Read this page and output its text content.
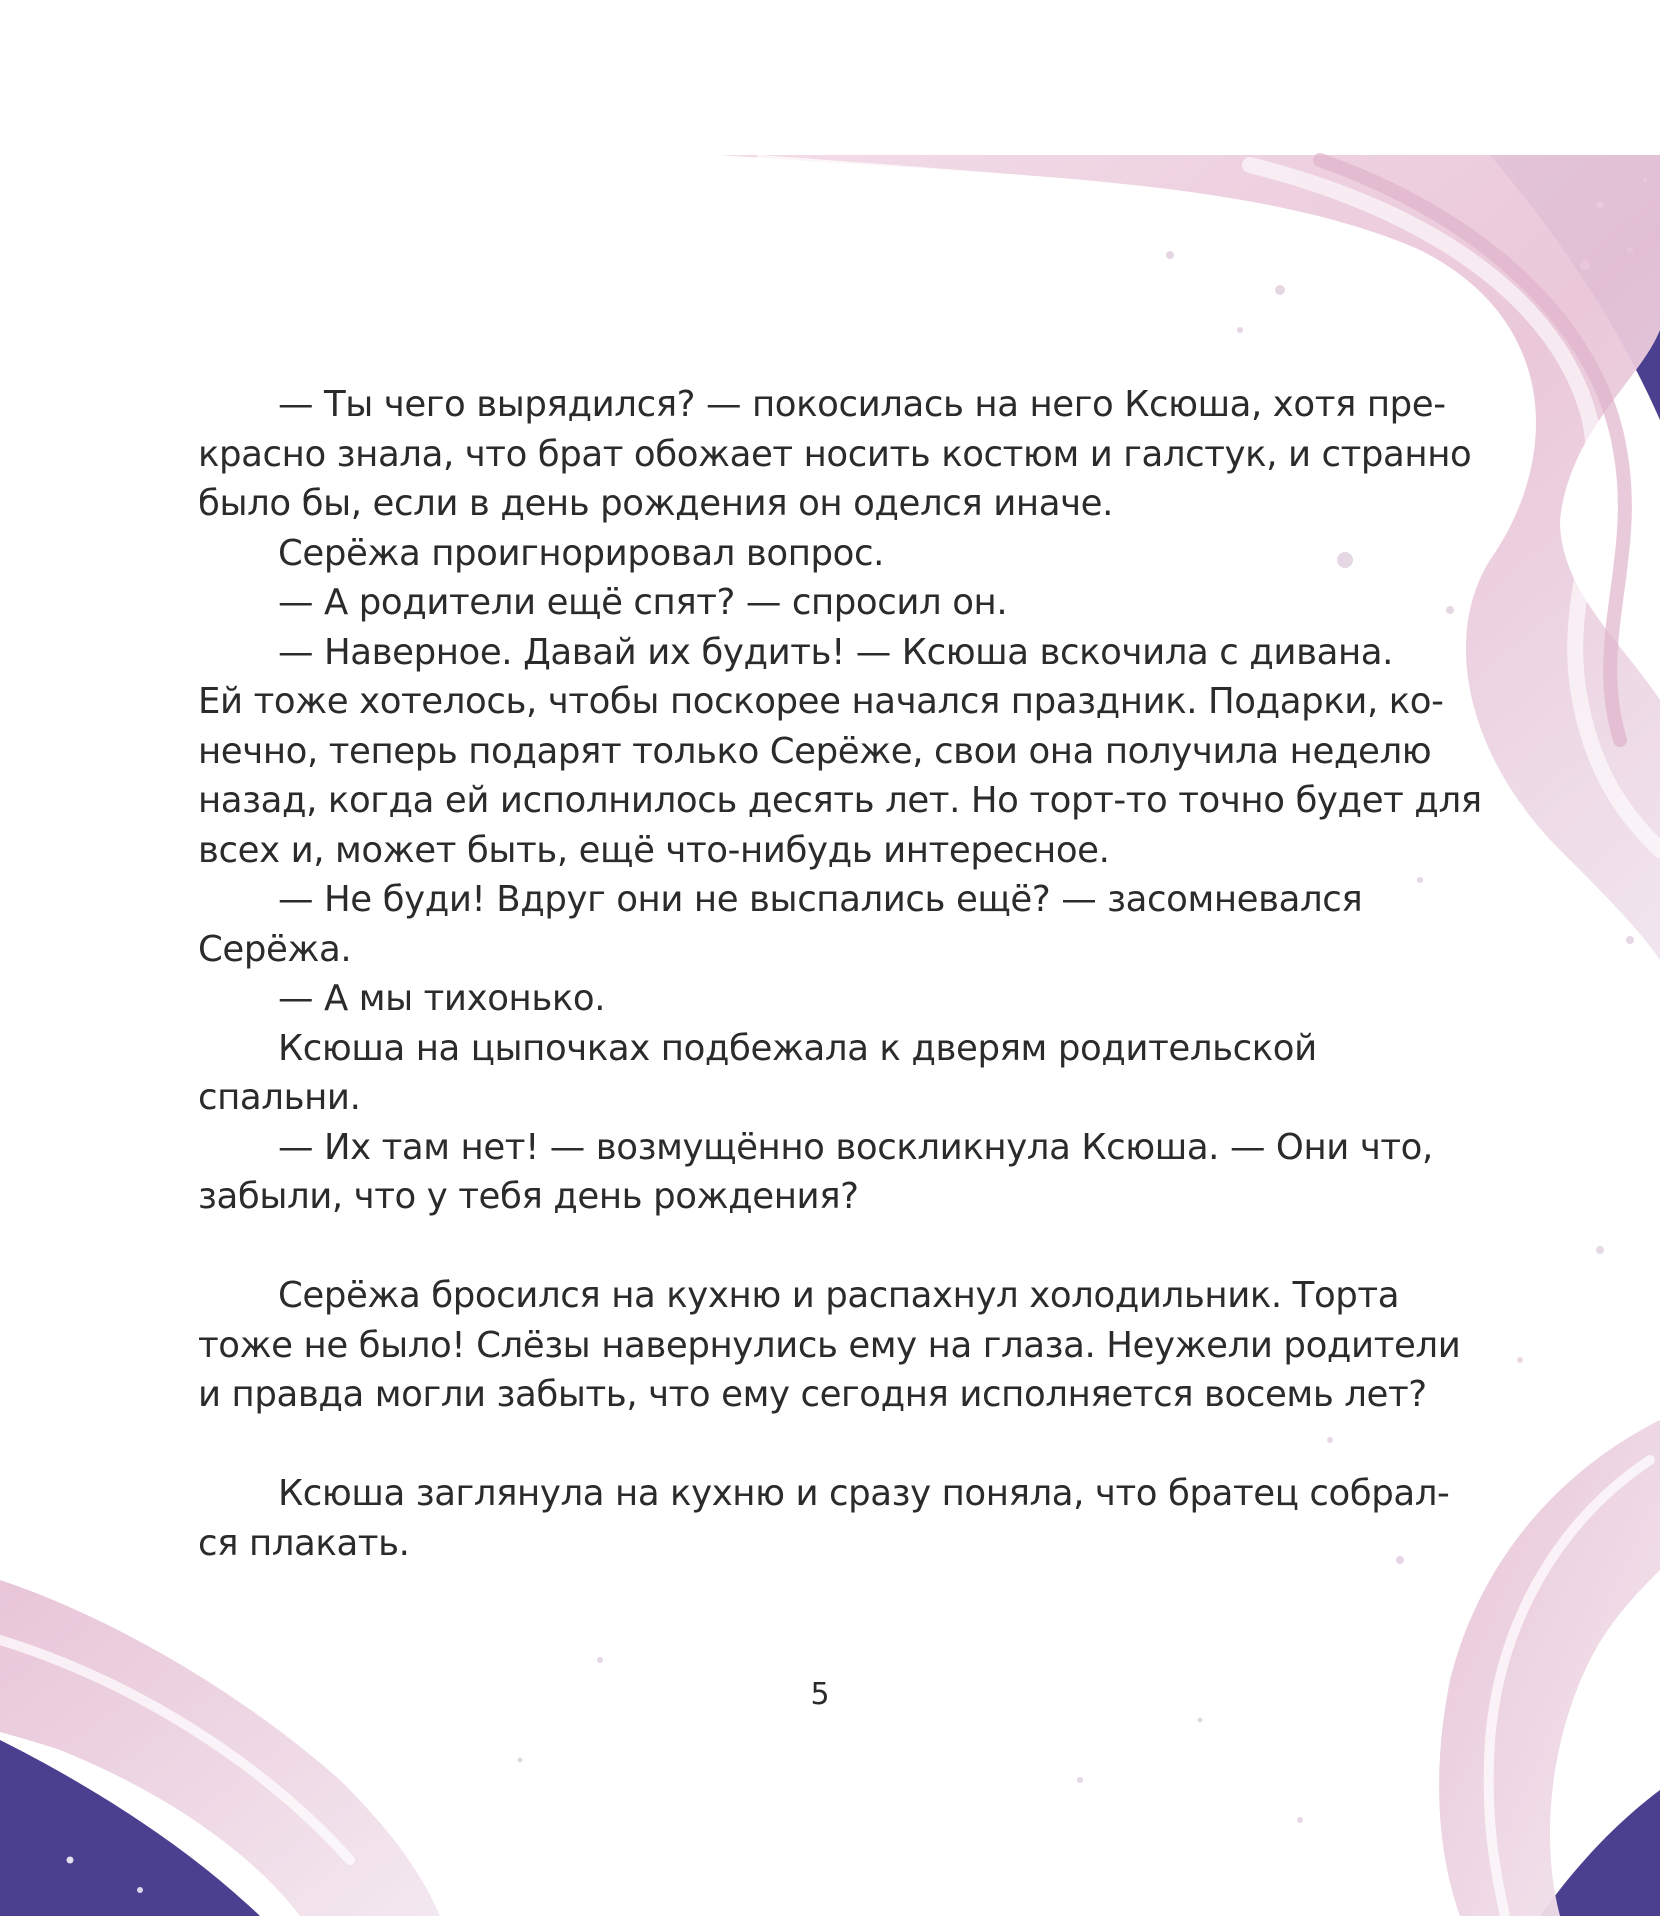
— Ты чего вырядился? — покосилась на него Ксюша, хотя пре-
красно знала, что брат обожает носить костюм и галстук, и странно
было бы, если в день рождения он оделся иначе.
Серёжа проигнорировал вопрос.
— А родители ещё спят? — спросил он.
— Наверное. Давай их будить! — Ксюша вскочила с дивана.
Ей тоже хотелось, чтобы поскорее начался праздник. Подарки, ко-
нечно, теперь подарят только Серёже, свои она получила неделю
назад, когда ей исполнилось десять лет. Но торт-то точно будет для
всех и, может быть, ещё что-нибудь интересное.
— Не буди! Вдруг они не выспались ещё? — засомневался
Серёжа.
— А мы тихонько.
Ксюша на цыпочках подбежала к дверям родительской
спальни.
— Их там нет! — возмущённо воскликнула Ксюша. — Они что,
забыли, что у тебя день рождения?
Серёжа бросился на кухню и распахнул холодильник. Торта
тоже не было! Слёзы навернулись ему на глаза. Неужели родители
и правда могли забыть, что ему сегодня исполняется восемь лет?
Ксюша заглянула на кухню и сразу поняла, что братец собрал-
ся плакать.
5
